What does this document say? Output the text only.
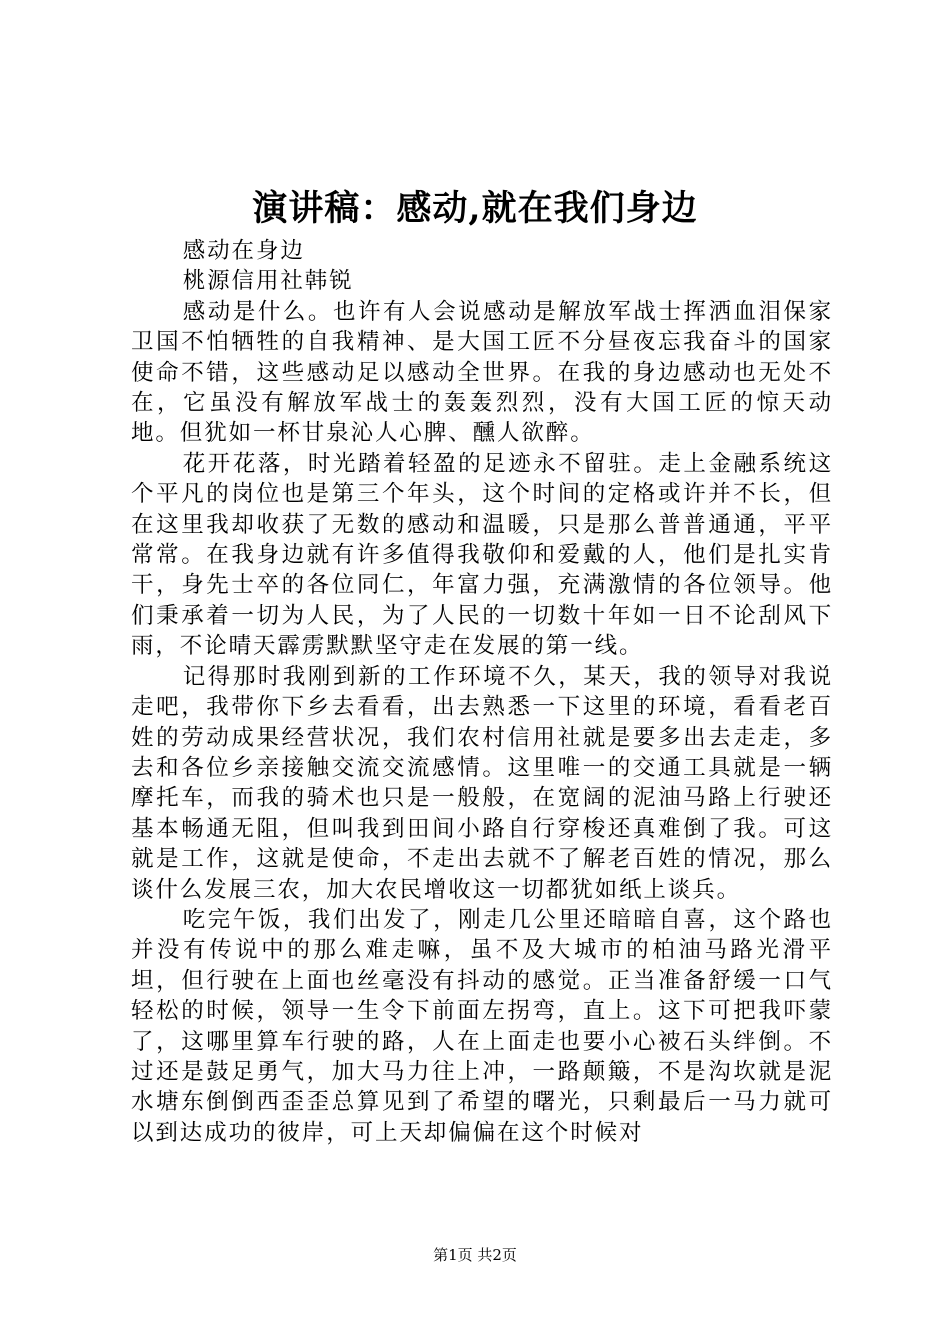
演讲稿：感动,就在我们身边

感动在身边

桃源信用社韩锐

感动是什么。也许有人会说感动是解放军战士挥洒血泪保家卫国不怕牺牲的自我精神、是大国工匠不分昼夜忘我奋斗的国家使命不错，这些感动足以感动全世界。在我的身边感动也无处不在，它虽没有解放军战士的轰轰烈烈，没有大国工匠的惊天动地。但犹如一杯甘泉沁人心脾、醺人欲醉。

花开花落，时光踏着轻盈的足迹永不留驻。走上金融系统这个平凡的岗位也是第三个年头，这个时间的定格或许并不长，但在这里我却收获了无数的感动和温暖，只是那么普普通通，平平常常。在我身边就有许多值得我敬仰和爱戴的人，他们是扎实肯干，身先士卒的各位同仁，年富力强，充满激情的各位领导。他们秉承着一切为人民，为了人民的一切数十年如一日不论刮风下雨，不论晴天霹雳默默坚守走在发展的第一线。

记得那时我刚到新的工作环境不久，某天，我的领导对我说走吧，我带你下乡去看看，出去熟悉一下这里的环境，看看老百姓的劳动成果经营状况，我们农村信用社就是要多出去走走，多去和各位乡亲接触交流交流感情。这里唯一的交通工具就是一辆摩托车，而我的骑术也只是一般般，在宽阔的泥油马路上行驶还基本畅通无阻，但叫我到田间小路自行穿梭还真难倒了我。可这就是工作，这就是使命，不走出去就不了解老百姓的情况，那么谈什么发展三农，加大农民增收这一切都犹如纸上谈兵。

吃完午饭，我们出发了，刚走几公里还暗暗自喜，这个路也并没有传说中的那么难走嘛，虽不及大城市的柏油马路光滑平坦，但行驶在上面也丝毫没有抖动的感觉。正当准备舒缓一口气轻松的时候，领导一生令下前面左拐弯，直上。这下可把我吓蒙了，这哪里算车行驶的路，人在上面走也要小心被石头绊倒。不过还是鼓足勇气，加大马力往上冲，一路颠簸，不是沟坎就是泥水塘东倒倒西歪歪总算见到了希望的曙光，只剩最后一马力就可以到达成功的彼岸，可上天却偏偏在这个时候对

第1页 共2页
